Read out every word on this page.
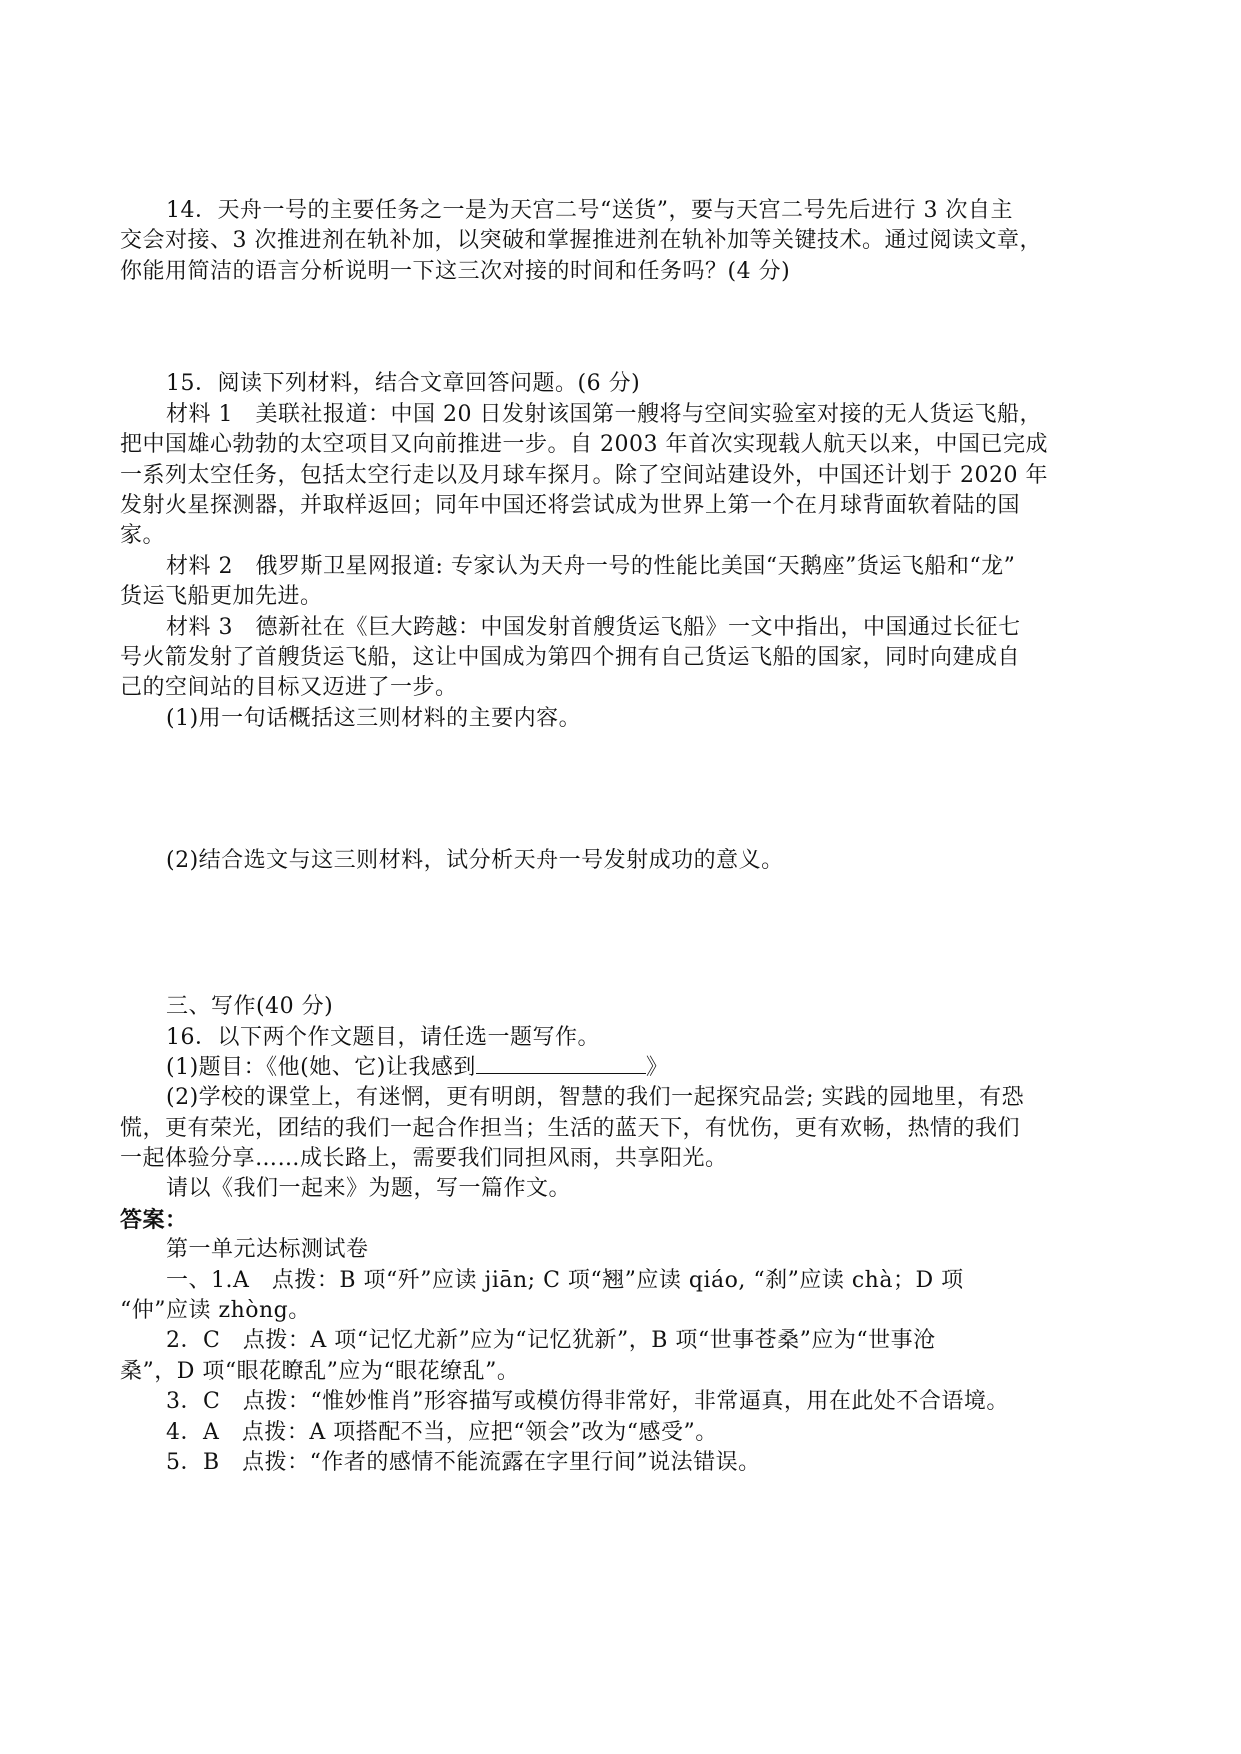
14．天舟一号的主要任务之一是为天宫二号“送货”，要与天宫二号先后进行 3 次自主
交会对接、3 次推进剂在轨补加，以突破和掌握推进剂在轨补加等关键技术。通过阅读文章，
你能用简洁的语言分析说明一下这三次对接的时间和任务吗？(4 分)
15．阅读下列材料，结合文章回答问题。(6 分)
材料 1　美联社报道：中国 20 日发射该国第一艘将与空间实验室对接的无人货运飞船，
把中国雄心勃勃的太空项目又向前推进一步。自 2003 年首次实现载人航天以来，中国已完成
一系列太空任务，包括太空行走以及月球车探月。除了空间站建设外，中国还计划于 2020 年
发射火星探测器，并取样返回；同年中国还将尝试成为世界上第一个在月球背面软着陆的国
家。
材料 2　俄罗斯卫星网报道: 专家认为天舟一号的性能比美国“天鹅座”货运飞船和“龙”
货运飞船更加先进。
材料 3　德新社在《巨大跨越：中国发射首艘货运飞船》一文中指出，中国通过长征七
号火箭发射了首艘货运飞船，这让中国成为第四个拥有自己货运飞船的国家，同时向建成自
己的空间站的目标又迈进了一步。
(1)用一句话概括这三则材料的主要内容。
(2)结合选文与这三则材料，试分析天舟一号发射成功的意义。
三、写作(40 分)
16．以下两个作文题目，请任选一题写作。
(1)题目：《他(她、它)让我感到	》
(2)学校的课堂上，有迷惘，更有明朗，智慧的我们一起探究品尝; 实践的园地里，有恐
慌，更有荣光，团结的我们一起合作担当；生活的蓝天下，有忧伤，更有欢畅，热情的我们
一起体验分享……成长路上，需要我们同担风雨，共享阳光。
请以《我们一起来》为题，写一篇作文。
答案：
第一单元达标测试卷
一、1.A　点拨：B 项“歼”应读 jiān; C 项“翘”应读 qiáo, “刹”应读 chà；D 项
“仲”应读 zhòng。
2．C　点拨：A 项“记忆尤新”应为“记忆犹新”，B 项“世事苍桑”应为“世事沧
桑”，D 项“眼花瞭乱”应为“眼花缭乱”。
3．C　点拨：“惟妙惟肖”形容描写或模仿得非常好，非常逼真，用在此处不合语境。
4．A　点拨：A 项搭配不当，应把“领会”改为“感受”。
5．B　点拨：“作者的感情不能流露在字里行间”说法错误。
